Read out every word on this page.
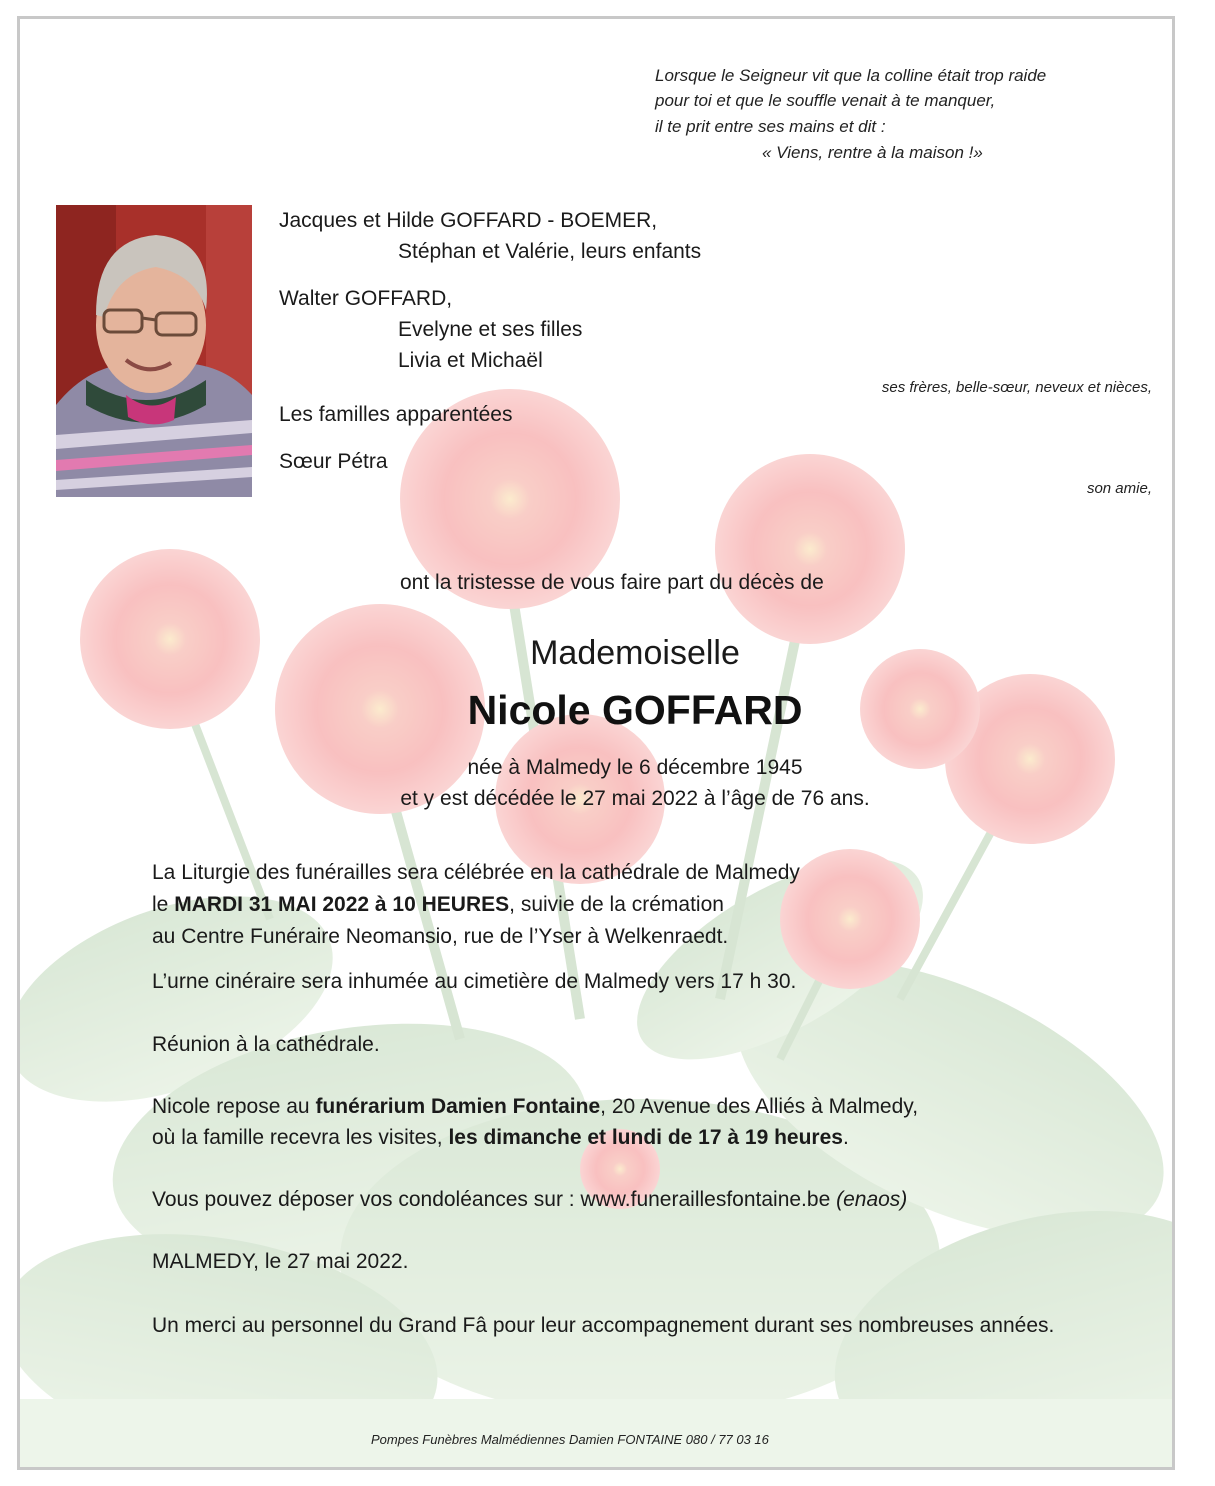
Lorsque le Seigneur vit que la colline était trop raide
pour toi et que le souffle venait à te manquer,
il te prit entre ses mains et dit :
« Viens, rentre à la maison !»
Jacques et Hilde GOFFARD - BOEMER,
Stéphan et Valérie, leurs enfants
Walter GOFFARD,
Evelyne et ses filles
Livia et Michaël
ses frères, belle-sœur, neveux et nièces,
Les familles apparentées
Sœur Pétra
son amie,
ont la tristesse de vous faire part du décès de
Mademoiselle
Nicole GOFFARD
née à Malmedy le 6 décembre 1945
et y est décédée le 27 mai 2022 à l’âge de 76 ans.
La Liturgie des funérailles sera célébrée en la cathédrale de Malmedy
le MARDI 31 MAI 2022 à 10 HEURES, suivie de la crémation
au Centre Funéraire Neomansio, rue de l’Yser à Welkenraedt.
L’urne cinéraire sera inhumée au cimetière de Malmedy vers 17 h 30.
Réunion à la cathédrale.
Nicole repose au funérarium Damien Fontaine, 20 Avenue des Alliés à Malmedy,
où la famille recevra les visites, les dimanche et lundi de 17 à 19 heures.
Vous pouvez déposer vos condoléances sur : www.funeraillesfontaine.be (enaos)
MALMEDY, le 27 mai 2022.
Un merci au personnel du Grand Fâ pour leur accompagnement durant ses nombreuses années.
Pompes Funèbres Malmédiennes Damien FONTAINE 080 / 77 03 16
